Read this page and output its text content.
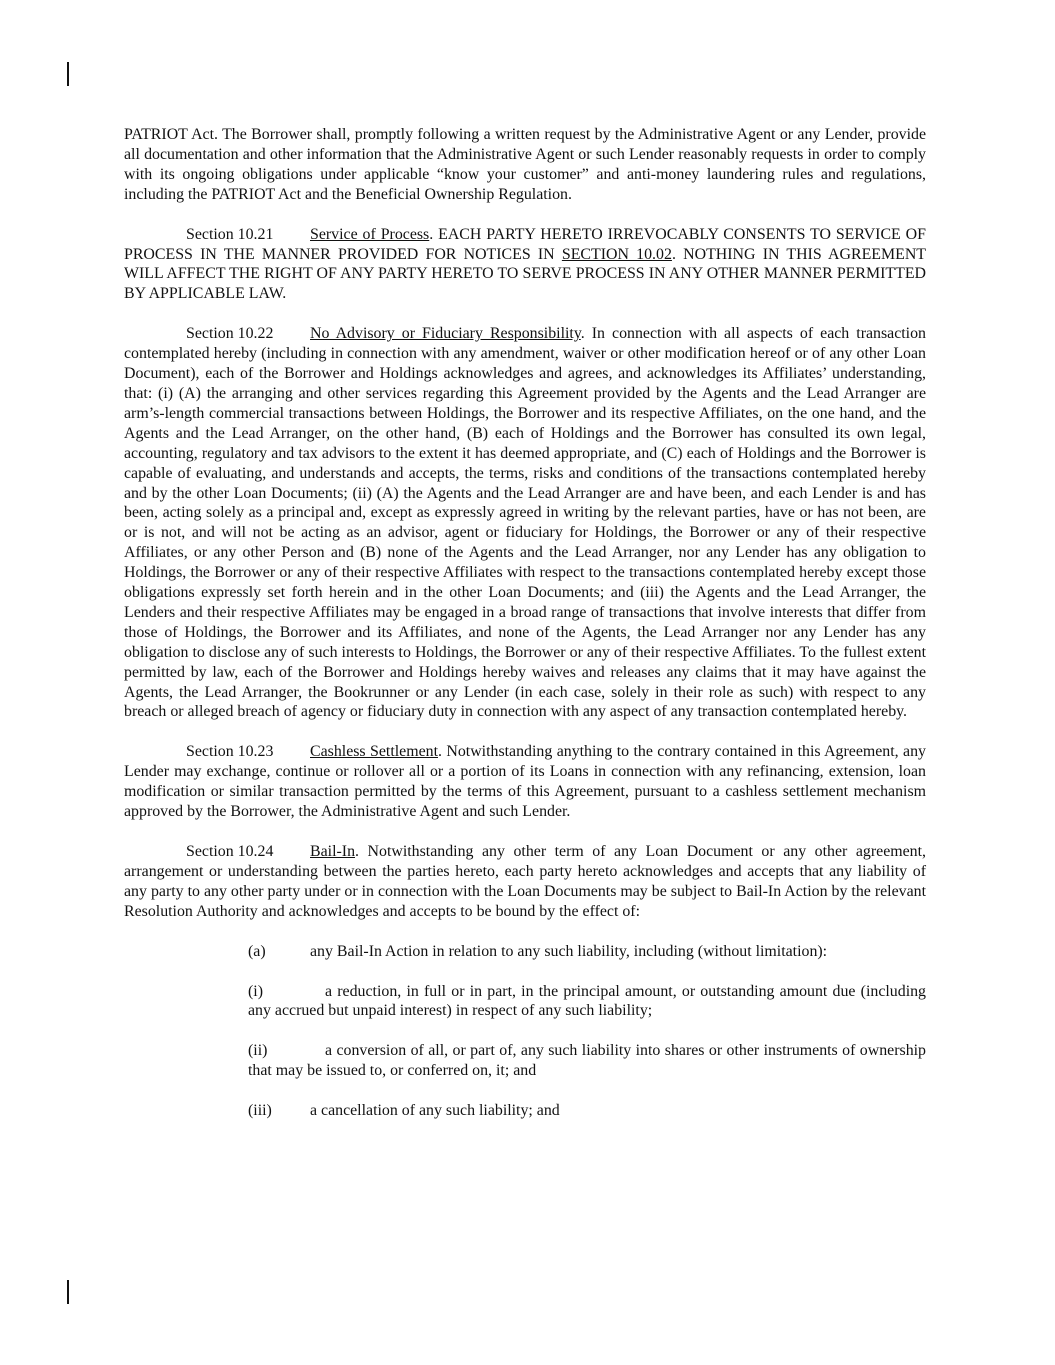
PATRIOT Act. The Borrower shall, promptly following a written request by the Administrative Agent or any Lender, provide all documentation and other information that the Administrative Agent or such Lender reasonably requests in order to comply with its ongoing obligations under applicable “know your customer” and anti-money laundering rules and regulations, including the PATRIOT Act and the Beneficial Ownership Regulation.

Section 10.21 Service of Process. EACH PARTY HERETO IRREVOCABLY CONSENTS TO SERVICE OF PROCESS IN THE MANNER PROVIDED FOR NOTICES IN SECTION 10.02. NOTHING IN THIS AGREEMENT WILL AFFECT THE RIGHT OF ANY PARTY HERETO TO SERVE PROCESS IN ANY OTHER MANNER PERMITTED BY APPLICABLE LAW.

Section 10.22 No Advisory or Fiduciary Responsibility. In connection with all aspects of each transaction contemplated hereby (including in connection with any amendment, waiver or other modification hereof or of any other Loan Document), each of the Borrower and Holdings acknowledges and agrees, and acknowledges its Affiliates’ understanding, that: (i) (A) the arranging and other services regarding this Agreement provided by the Agents and the Lead Arranger are arm’s-length commercial transactions between Holdings, the Borrower and its respective Affiliates, on the one hand, and the Agents and the Lead Arranger, on the other hand, (B) each of Holdings and the Borrower has consulted its own legal, accounting, regulatory and tax advisors to the extent it has deemed appropriate, and (C) each of Holdings and the Borrower is capable of evaluating, and understands and accepts, the terms, risks and conditions of the transactions contemplated hereby and by the other Loan Documents; (ii) (A) the Agents and the Lead Arranger are and have been, and each Lender is and has been, acting solely as a principal and, except as expressly agreed in writing by the relevant parties, have or has not been, are or is not, and will not be acting as an advisor, agent or fiduciary for Holdings, the Borrower or any of their respective Affiliates, or any other Person and (B) none of the Agents and the Lead Arranger, nor any Lender has any obligation to Holdings, the Borrower or any of their respective Affiliates with respect to the transactions contemplated hereby except those obligations expressly set forth herein and in the other Loan Documents; and (iii) the Agents and the Lead Arranger, the Lenders and their respective Affiliates may be engaged in a broad range of transactions that involve interests that differ from those of Holdings, the Borrower and its Affiliates, and none of the Agents, the Lead Arranger nor any Lender has any obligation to disclose any of such interests to Holdings, the Borrower or any of their respective Affiliates. To the fullest extent permitted by law, each of the Borrower and Holdings hereby waives and releases any claims that it may have against the Agents, the Lead Arranger, the Bookrunner or any Lender (in each case, solely in their role as such) with respect to any breach or alleged breach of agency or fiduciary duty in connection with any aspect of any transaction contemplated hereby.

Section 10.23 Cashless Settlement. Notwithstanding anything to the contrary contained in this Agreement, any Lender may exchange, continue or rollover all or a portion of its Loans in connection with any refinancing, extension, loan modification or similar transaction permitted by the terms of this Agreement, pursuant to a cashless settlement mechanism approved by the Borrower, the Administrative Agent and such Lender.

Section 10.24 Bail-In. Notwithstanding any other term of any Loan Document or any other agreement, arrangement or understanding between the parties hereto, each party hereto acknowledges and accepts that any liability of any party to any other party under or in connection with the Loan Documents may be subject to Bail-In Action by the relevant Resolution Authority and acknowledges and accepts to be bound by the effect of:

(a)	any Bail-In Action in relation to any such liability, including (without limitation):

(i)	a reduction, in full or in part, in the principal amount, or outstanding amount due (including any accrued but unpaid interest) in respect of any such liability;

(ii)	a conversion of all, or part of, any such liability into shares or other instruments of ownership that may be issued to, or conferred on, it; and

(iii) a cancellation of any such liability; and
